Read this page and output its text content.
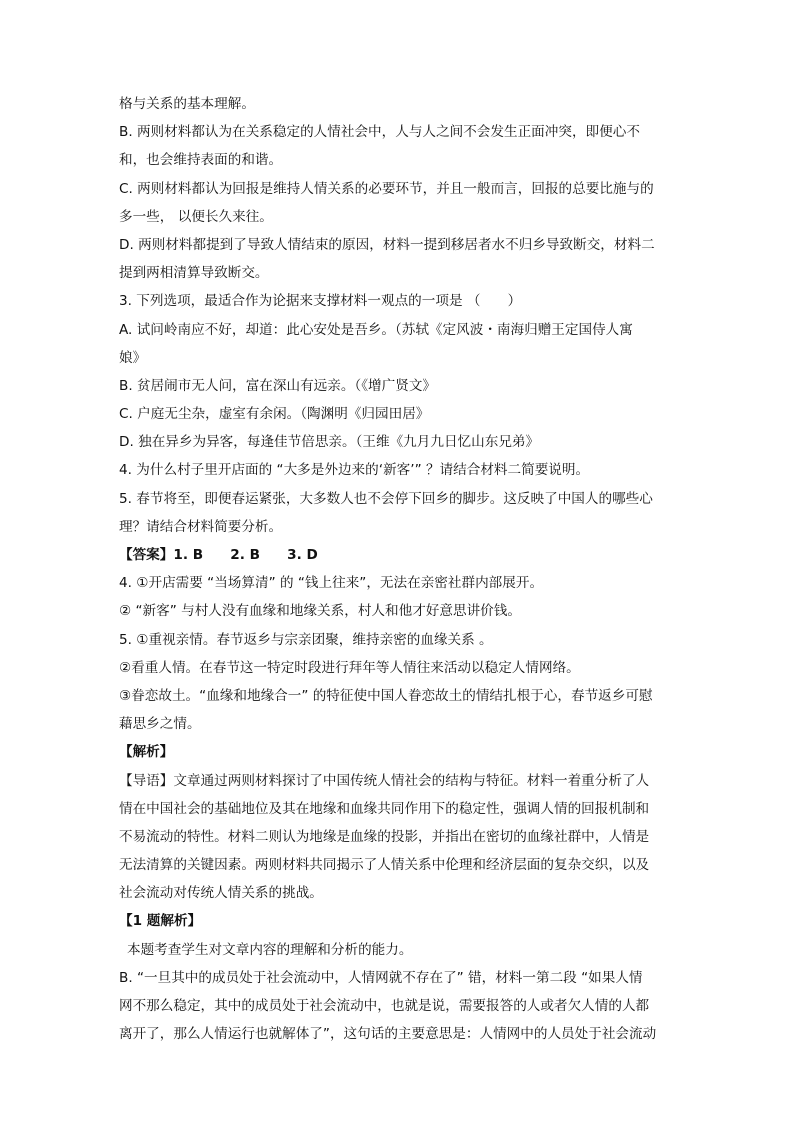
格与关系的基本理解。
B. 两则材料都认为在关系稳定的人情社会中，人与人之间不会发生正面冲突，即便心不
和，也会维持表面的和谐。
C. 两则材料都认为回报是维持人情关系的必要环节，并且一般而言，回报的总要比施与的
多一些， 以便长久来往。
D. 两则材料都提到了导致人情结束的原因，材料一提到移居者水不归乡导致断交，材料二
提到两相清算导致断交。
3. 下列选项，最适合作为论据来支撑材料一观点的一项是 （　　）
A. 试问岭南应不好，却道：此心安处是吾乡。（苏轼《定风波・南海归赠王定国侍人寓
娘》
B. 贫居闹市无人问，富在深山有远亲。（《增广贤文》
C. 户庭无尘杂，虚室有余闲。（陶渊明《归园田居》
D. 独在异乡为异客，每逢佳节倍思亲。（王维《九月九日忆山东兄弟》
4. 为什么村子里开店面的 “大多是外边来的‘新客’” ？请结合材料二简要说明。
5. 春节将至，即便春运紧张，大多数人也不会停下回乡的脚步。这反映了中国人的哪些心
理？请结合材料简要分析。
【答案】1. B　　2. B　　3. D
4. ①开店需要 “当场算清” 的 “钱上往来”，无法在亲密社群内部展开。
② “新客” 与村人没有血缘和地缘关系，村人和他才好意思讲价钱。
5. ①重视亲情。春节返乡与宗亲团聚，维持亲密的血缘关系 。
②看重人情。在春节这一特定时段进行拜年等人情往来活动以稳定人情网络。
③眷恋故土。“血缘和地缘合一” 的特征使中国人眷恋故土的情结扎根于心，春节返乡可慰
藉思乡之情。
【解析】
【导语】文章通过两则材料探讨了中国传统人情社会的结构与特征。材料一着重分析了人
情在中国社会的基础地位及其在地缘和血缘共同作用下的稳定性，强调人情的回报机制和
不易流动的特性。材料二则认为地缘是血缘的投影，并指出在密切的血缘社群中，人情是
无法清算的关键因素。两则材料共同揭示了人情关系中伦理和经济层面的复杂交织，以及
社会流动对传统人情关系的挑战。
【1 题解析】
本题考查学生对文章内容的理解和分析的能力。
B. “一旦其中的成员处于社会流动中，人情网就不存在了” 错，材料一第二段 “如果人情
网不那么稳定，其中的成员处于社会流动中，也就是说，需要报答的人或者欠人情的人都
离开了，那么人情运行也就解体了”，这句话的主要意思是：人情网中的人员处于社会流动
